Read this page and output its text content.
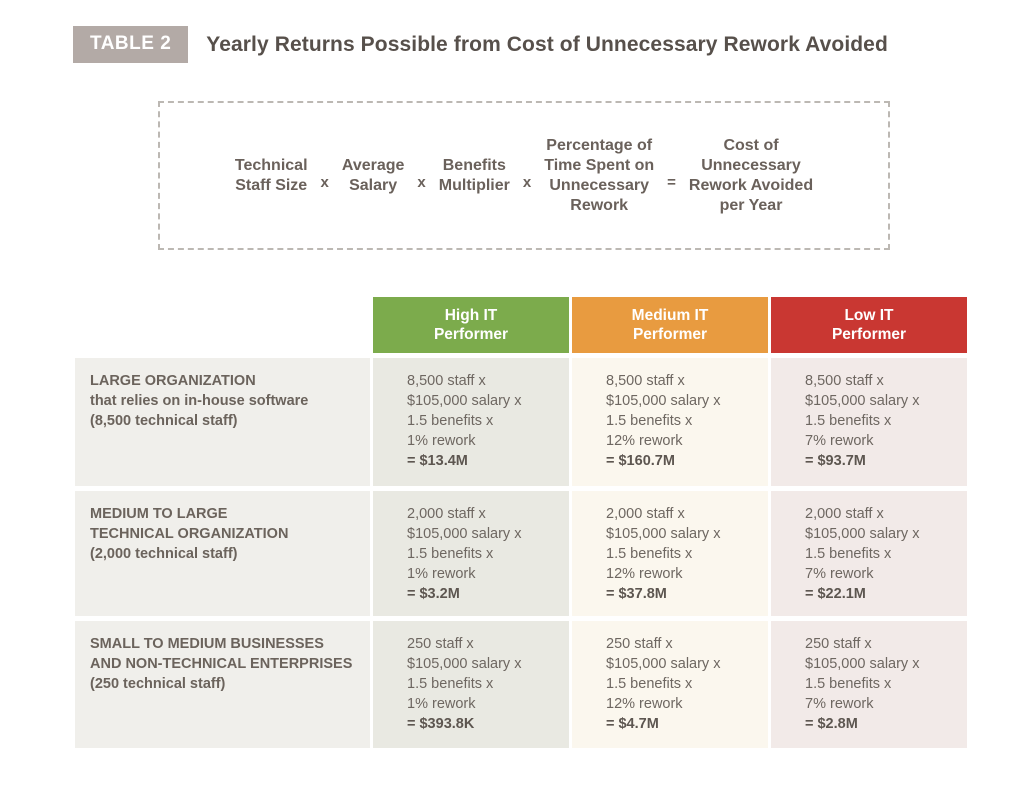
TABLE 2	Yearly Returns Possible from Cost of Unnecessary Rework Avoided
Technical
Staff Size x
Average
Salary	x
Benefits
Multiplier x
Percentage of
Time Spent on
Unnecessary
Rework
=
Cost of
Unnecessary
Rework Avoided
per Year
High IT
Performer
Medium IT
Performer
Low IT
Performer
LARGE ORGANIZATION
that relies on in-house software
(8,500 technical staff)
8,500 staff x
$105,000 salary x
1.5 benefits x
1% rework
= $13.4M
8,500 staff x
$105,000 salary x
1.5 benefits x
12% rework
= $160.7M
8,500 staff x
$105,000 salary x
1.5 benefits x
7% rework
= $93.7M
MEDIUM TO LARGE
TECHNICAL ORGANIZATION
(2,000 technical staff)
2,000 staff x
$105,000 salary x
1.5 benefits x
1% rework
= $3.2M
2,000 staff x
$105,000 salary x
1.5 benefits x
12% rework
= $37.8M
2,000 staff x
$105,000 salary x
1.5 benefits x
7% rework
= $22.1M
SMALL TO MEDIUM BUSINESSES
AND NON-TECHNICAL ENTERPRISES
(250 technical staff)
250 staff x
$105,000 salary x
1.5 benefits x
1% rework
= $393.8K
250 staff x
$105,000 salary x
1.5 benefits x
12% rework
= $4.7M
250 staff x
$105,000 salary x
1.5 benefits x
7% rework
= $2.8M
